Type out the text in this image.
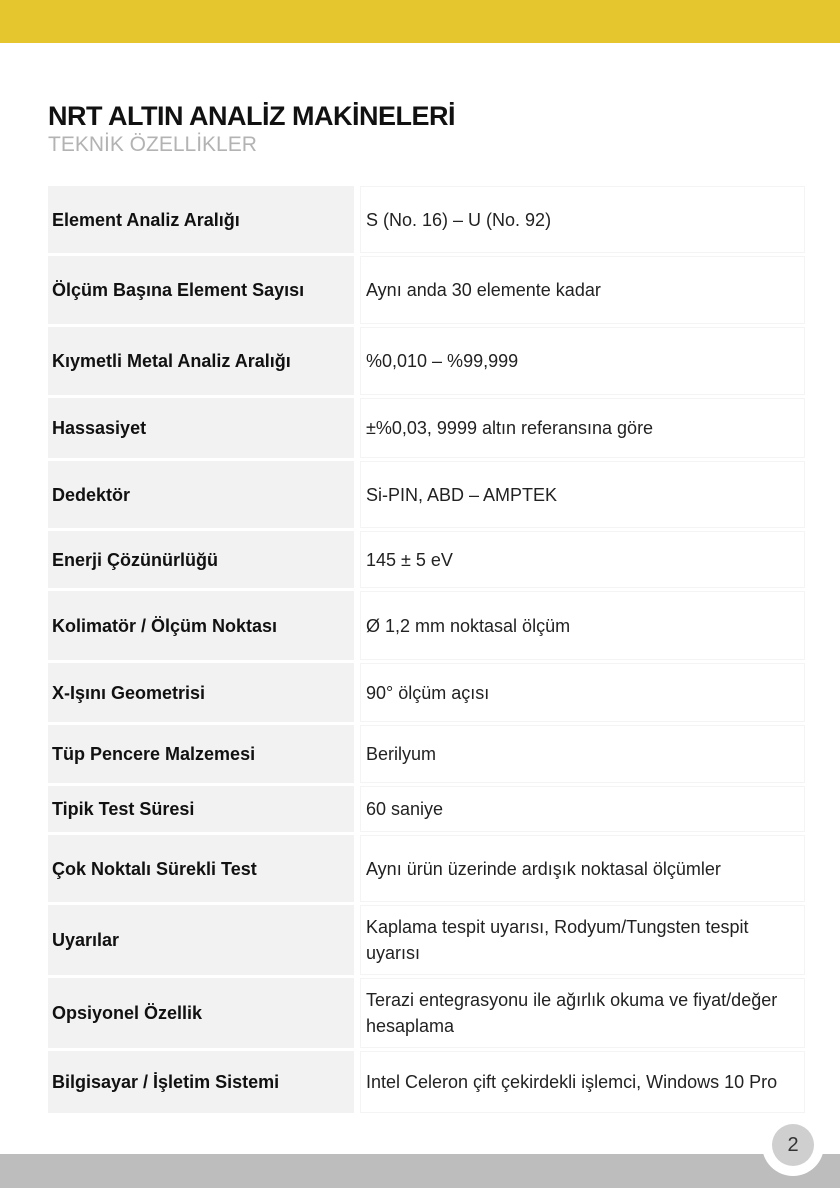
NRT ALTIN ANALİZ MAKİNELERİ

TEKNİK ÖZELLİKLER

Element Analiz Aralığı	S (No. 16) – U (No. 92)
Ölçüm Başına Element Sayısı	Aynı anda 30 elemente kadar
Kıymetli Metal Analiz Aralığı	%0,010 – %99,999
Hassasiyet	±%0,03, 9999 altın referansına göre
Dedektör	Si-PIN, ABD – AMPTEK
Enerji Çözünürlüğü	145 ± 5 eV
Kolimatör / Ölçüm Noktası	Ø 1,2 mm noktasal ölçüm
X-Işını Geometrisi	90° ölçüm açısı
Tüp Pencere Malzemesi	Berilyum
Tipik Test Süresi	60 saniye
Çok Noktalı Sürekli Test	Aynı ürün üzerinde ardışık noktasal ölçümler
Uyarılar	Kaplama tespit uyarısı, Rodyum/Tungsten tespit uyarısı
Opsiyonel Özellik	Terazi entegrasyonu ile ağırlık okuma ve fiyat/değer hesaplama
Bilgisayar / İşletim Sistemi	Intel Celeron çift çekirdekli işlemci, Windows 10 Pro
2
